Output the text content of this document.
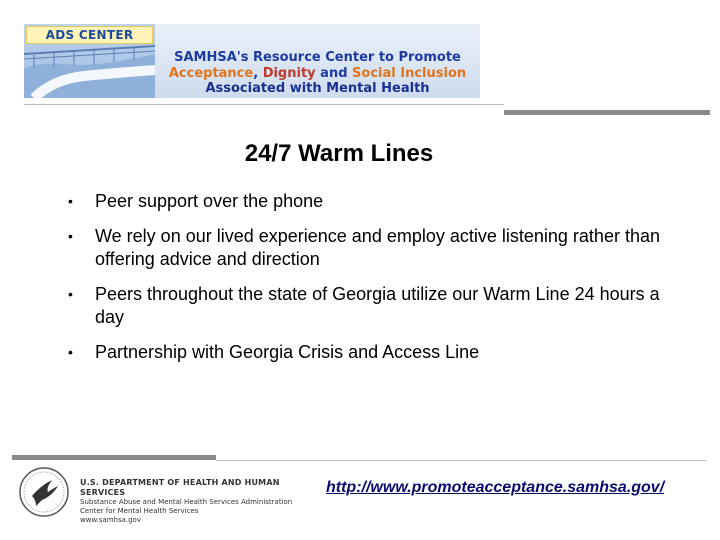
ADS CENTER
SAMHSA's Resource Center to Promote
Acceptance, Dignity and Social Inclusion
Associated with Mental Health
24/7 Warm Lines
• Peer support over the phone
• We rely on our lived experience and employ active listening rather than offering advice and direction
• Peers throughout the state of Georgia utilize our Warm Line 24 hours a day
• Partnership with Georgia Crisis and Access Line
U.S. DEPARTMENT OF HEALTH AND HUMAN SERVICES
Substance Abuse and Mental Health Services Administration
Center for Mental Health Services
www.samhsa.gov
http://www.promoteacceptance.samhsa.gov/
